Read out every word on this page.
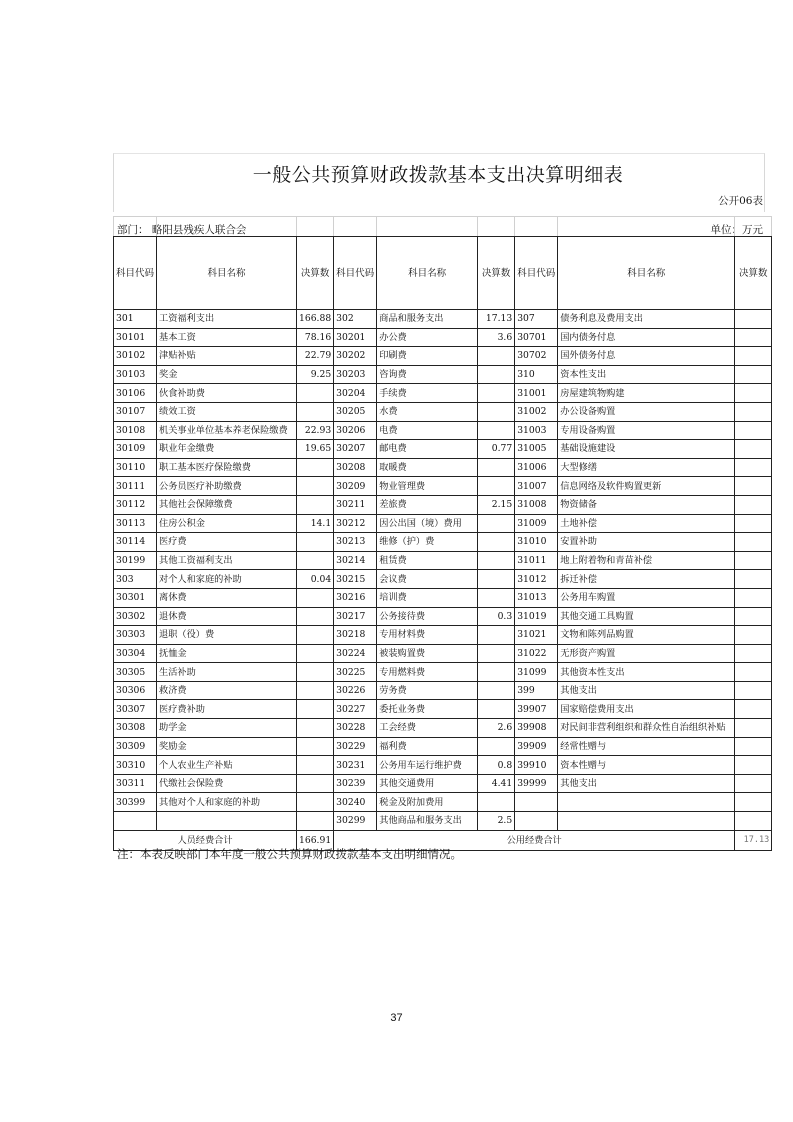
一般公共预算财政拨款基本支出决算明细表
公开06表
部门： 略阳县残疾人联合会	单位：万元

科目代码	科目名称	决算数	科目代码	科目名称	决算数	科目代码	科目名称	决算数
301	工资福利支出	166.88	302	商品和服务支出	17.13	307	债务利息及费用支出	
30101	基本工资	78.16	30201	办公费	3.6	30701	国内债务付息	
30102	津贴补贴	22.79	30202	印刷费		30702	国外债务付息	
30103	奖金	9.25	30203	咨询费		310	资本性支出	
30106	伙食补助费		30204	手续费		31001	房屋建筑物购建	
30107	绩效工资		30205	水费		31002	办公设备购置	
30108	机关事业单位基本养老保险缴费	22.93	30206	电费		31003	专用设备购置	
30109	职业年金缴费	19.65	30207	邮电费	0.77	31005	基础设施建设	
30110	职工基本医疗保险缴费		30208	取暖费		31006	大型修缮	
30111	公务员医疗补助缴费		30209	物业管理费		31007	信息网络及软件购置更新	
30112	其他社会保障缴费		30211	差旅费	2.15	31008	物资储备	
30113	住房公积金	14.1	30212	因公出国（境）费用		31009	土地补偿	
30114	医疗费		30213	维修（护）费		31010	安置补助	
30199	其他工资福利支出		30214	租赁费		31011	地上附着物和青苗补偿	
303	对个人和家庭的补助	0.04	30215	会议费		31012	拆迁补偿	
30301	离休费		30216	培训费		31013	公务用车购置	
30302	退休费		30217	公务接待费	0.3	31019	其他交通工具购置	
30303	退职（役）费		30218	专用材料费		31021	文物和陈列品购置	
30304	抚恤金		30224	被装购置费		31022	无形资产购置	
30305	生活补助		30225	专用燃料费		31099	其他资本性支出	
30306	救济费		30226	劳务费		399	其他支出	
30307	医疗费补助		30227	委托业务费		39907	国家赔偿费用支出	
30308	助学金		30228	工会经费	2.6	39908	对民间非营利组织和群众性自治组织补贴	
30309	奖励金		30229	福利费		39909	经常性赠与	
30310	个人农业生产补贴		30231	公务用车运行维护费	0.8	39910	资本性赠与	
30311	代缴社会保险费		30239	其他交通费用	4.41	39999	其他支出	
30399	其他对个人和家庭的补助		30240	税金及附加费用				
			30299	其他商品和服务支出	2.5			
人员经费合计		166.91	公用经费合计					17.13
注：本表反映部门本年度一般公共预算财政拨款基本支出明细情况。
37
